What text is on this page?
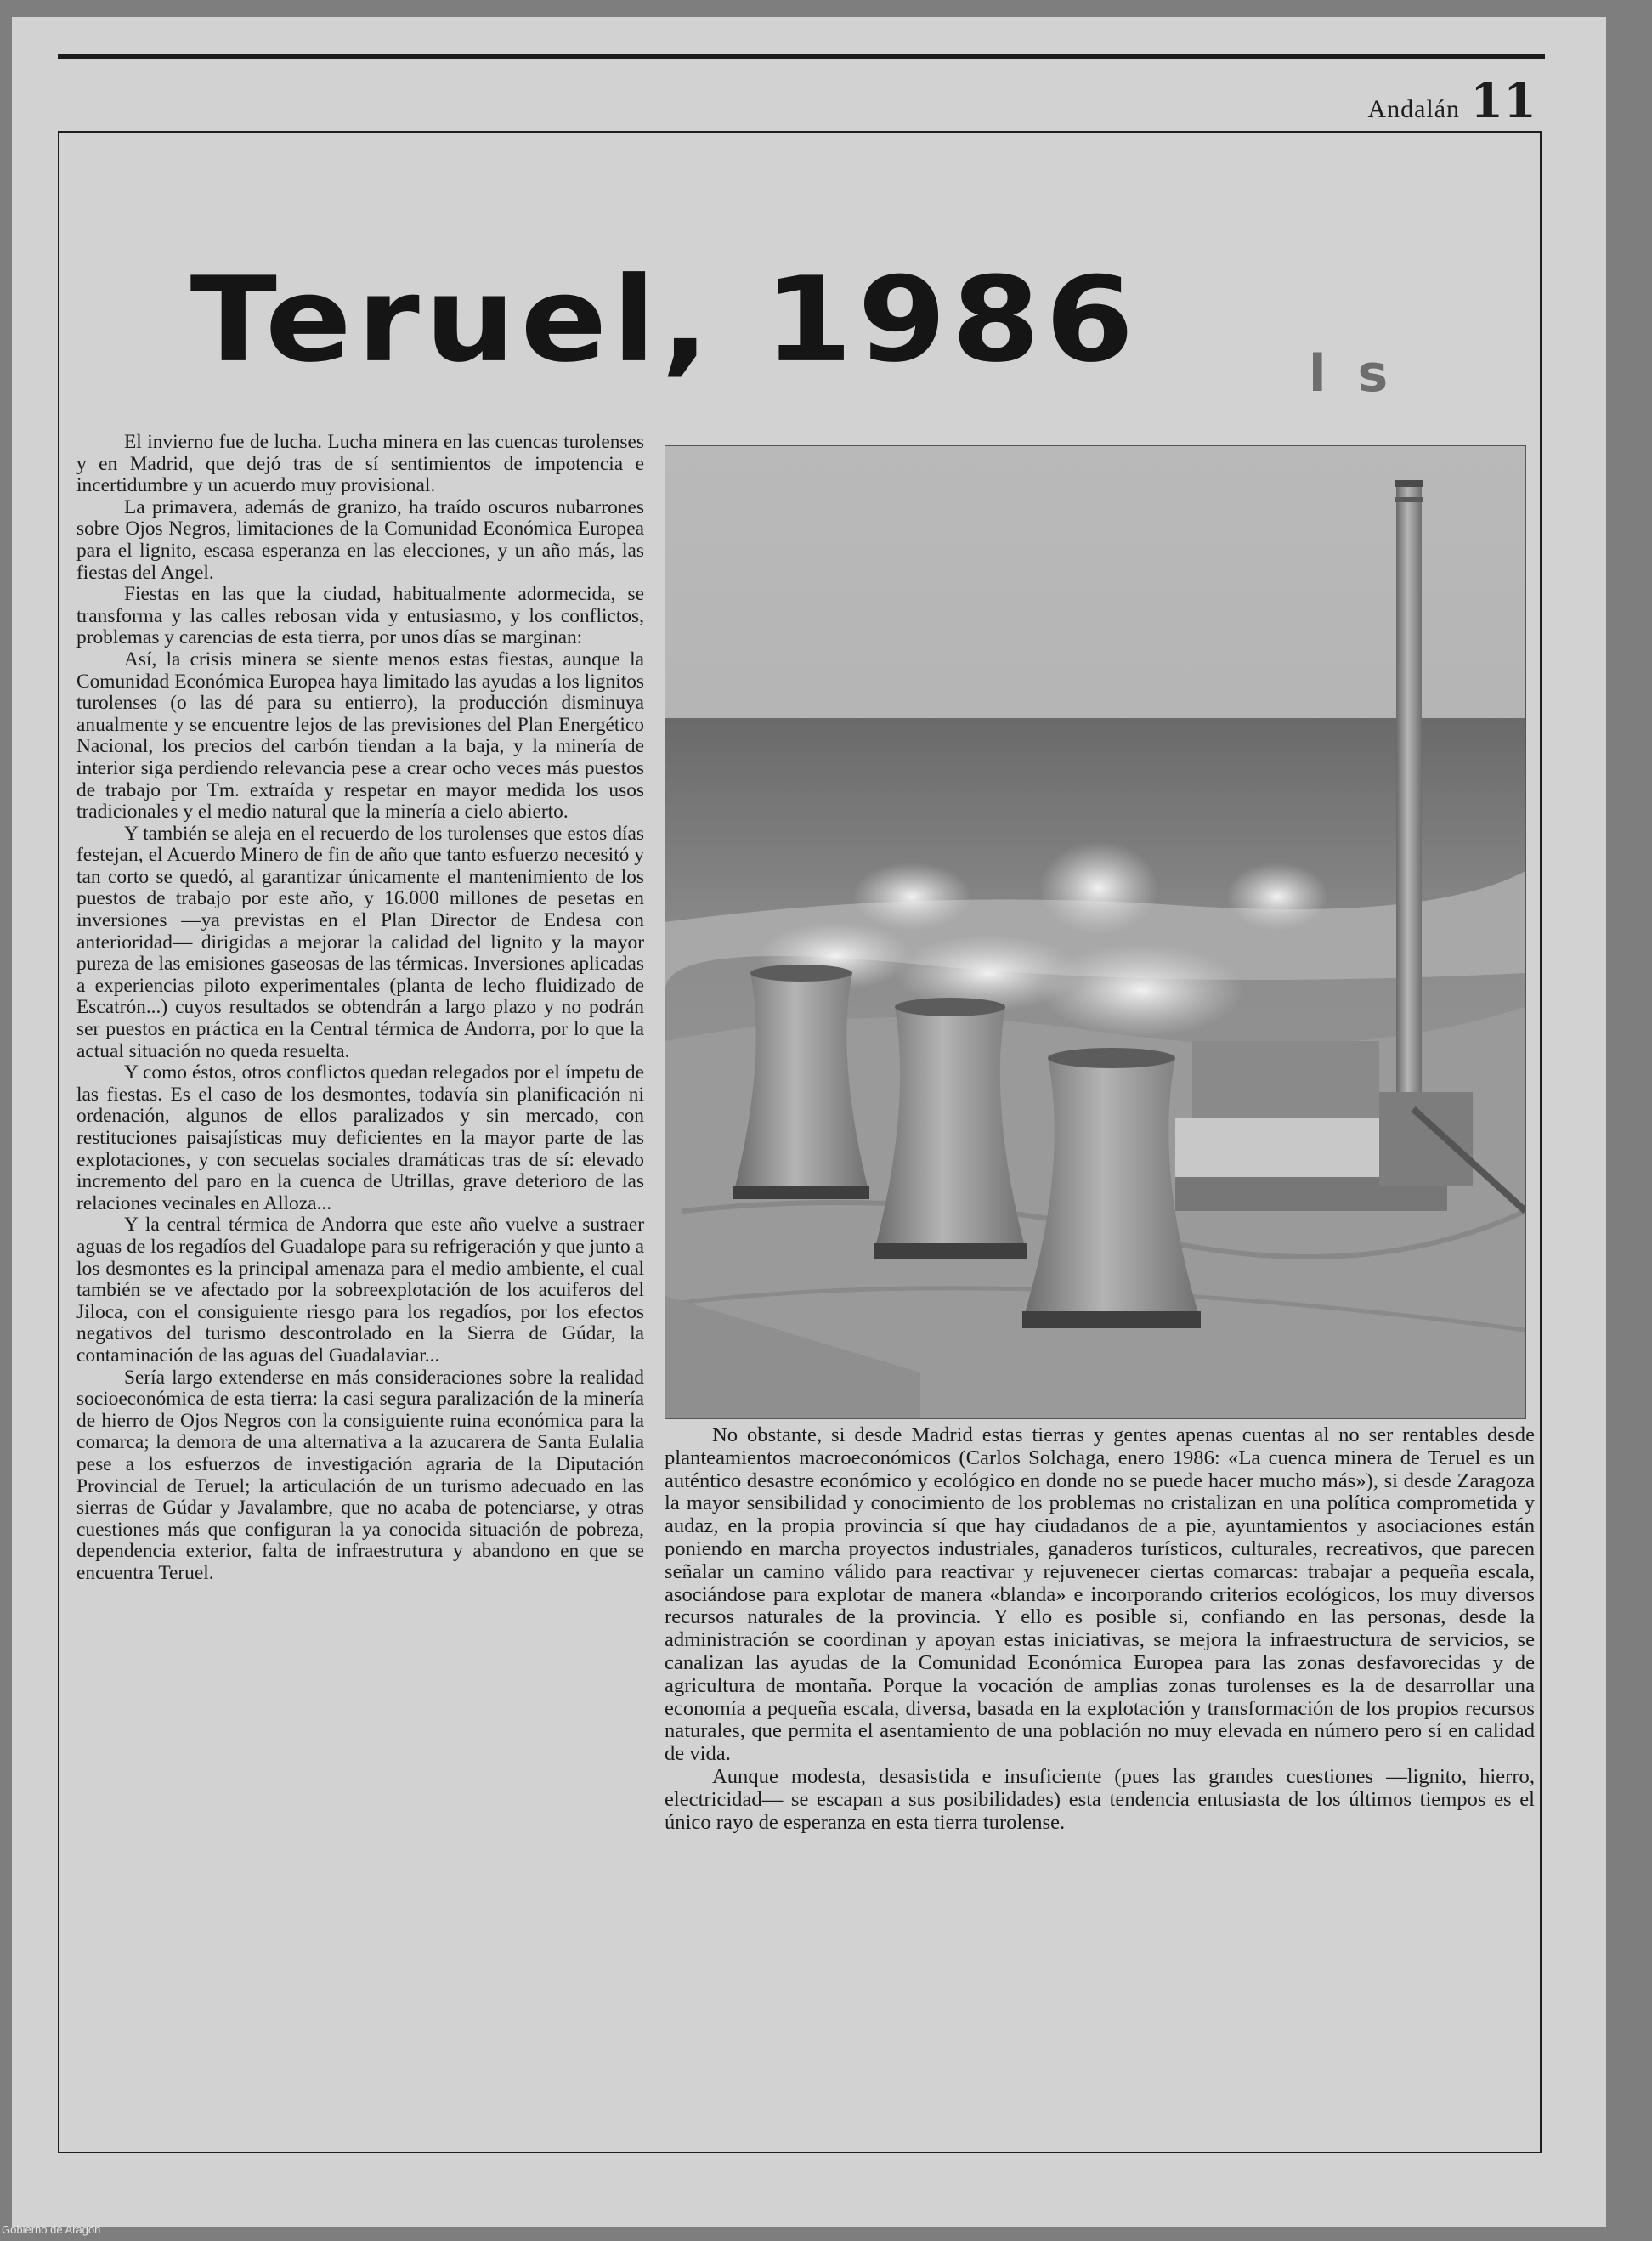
Andalán 11
Teruel, 1986	l s

El invierno fue de lucha. Lucha minera en las cuencas turolenses y en Madrid, que dejó tras de sí sentimientos de impotencia e incertidumbre y un acuerdo muy provisional.

La primavera, además de granizo, ha traído oscuros nubarrones sobre Ojos Negros, limitaciones de la Comunidad Económica Europea para el lignito, escasa esperanza en las elecciones, y un año más, las fiestas del Angel.

Fiestas en las que la ciudad, habitualmente adormecida, se transforma y las calles rebosan vida y entusiasmo, y los conflictos, problemas y carencias de esta tierra, por unos días se marginan:

Así, la crisis minera se siente menos estas fiestas, aunque la Comunidad Económica Europea haya limitado las ayudas a los lignitos turolenses (o las dé para su entierro), la producción disminuya anualmente y se encuentre lejos de las previsiones del Plan Energético Nacional, los precios del carbón tiendan a la baja, y la minería de interior siga perdiendo relevancia pese a crear ocho veces más puestos de trabajo por Tm. extraída y respetar en mayor medida los usos tradicionales y el medio natural que la minería a cielo abierto.

Y también se aleja en el recuerdo de los turolenses que estos días festejan, el Acuerdo Minero de fin de año que tanto esfuerzo necesitó y tan corto se quedó, al garantizar únicamente el mantenimiento de los puestos de trabajo por este año, y 16.000 millones de pesetas en inversiones —ya previstas en el Plan Director de Endesa con anterioridad— dirigidas a mejorar la calidad del lignito y la mayor pureza de las emisiones gaseosas de las térmicas. Inversiones aplicadas a experiencias piloto experimentales (planta de lecho fluidizado de Escatrón...) cuyos resultados se obtendrán a largo plazo y no podrán ser puestos en práctica en la Central térmica de Andorra, por lo que la actual situación no queda resuelta.

Y como éstos, otros conflictos quedan relegados por el ímpetu de las fiestas. Es el caso de los desmontes, todavía sin planificación ni ordenación, algunos de ellos paralizados y sin mercado, con restituciones paisajísticas muy deficientes en la mayor parte de las explotaciones, y con secuelas sociales dramáticas tras de sí: elevado incremento del paro en la cuenca de Utrillas, grave deterioro de las relaciones vecinales en Alloza...

Y la central térmica de Andorra que este año vuelve a sustraer aguas de los regadíos del Guadalope para su refrigeración y que junto a los desmontes es la principal amenaza para el medio ambiente, el cual también se ve afectado por la sobreexplotación de los acuiferos del Jiloca, con el consiguiente riesgo para los regadíos, por los efectos negativos del turismo descontrolado en la Sierra de Gúdar, la contaminación de las aguas del Guadalaviar...

Sería largo extenderse en más consideraciones sobre la realidad socioeconómica de esta tierra: la casi segura paralización de la minería de hierro de Ojos Negros con la consiguiente ruina económica para la comarca; la demora de una alternativa a la azucarera de Santa Eulalia pese a los esfuerzos de investigación agraria de la Diputación Provincial de Teruel; la articulación de un turismo adecuado en las sierras de Gúdar y Javalambre, que no acaba de potenciarse, y otras cuestiones más que configuran la ya conocida situación de pobreza, dependencia exterior, falta de infraestrutura y abandono en que se encuentra Teruel.

No obstante, si desde Madrid estas tierras y gentes apenas cuentas al no ser rentables desde planteamientos macroeconómicos (Carlos Solchaga, enero 1986: «La cuenca minera de Teruel es un auténtico desastre económico y ecológico en donde no se puede hacer mucho más»), si desde Zaragoza la mayor sensibilidad y conocimiento de los problemas no cristalizan en una política comprometida y audaz, en la propia provincia sí que hay ciudadanos de a pie, ayuntamientos y asociaciones están poniendo en marcha proyectos industriales, ganaderos turísticos, culturales, recreativos, que parecen señalar un camino válido para reactivar y rejuvenecer ciertas comarcas: trabajar a pequeña escala, asociándose para explotar de manera «blanda» e incorporando criterios ecológicos, los muy diversos recursos naturales de la provincia. Y ello es posible si, confiando en las personas, desde la administración se coordinan y apoyan estas iniciativas, se mejora la infraestructura de servicios, se canalizan las ayudas de la Comunidad Económica Europea para las zonas desfavorecidas y de agricultura de montaña. Porque la vocación de amplias zonas turolenses es la de desarrollar una economía a pequeña escala, diversa, basada en la explotación y transformación de los propios recursos naturales, que permita el asentamiento de una población no muy elevada en número pero sí en calidad de vida.

Aunque modesta, desasistida e insuficiente (pues las grandes cuestiones —lignito, hierro, electricidad— se escapan a sus posibilidades) esta tendencia entusiasta de los últimos tiempos es el único rayo de esperanza en esta tierra turolense.

Gobierno de Aragón
